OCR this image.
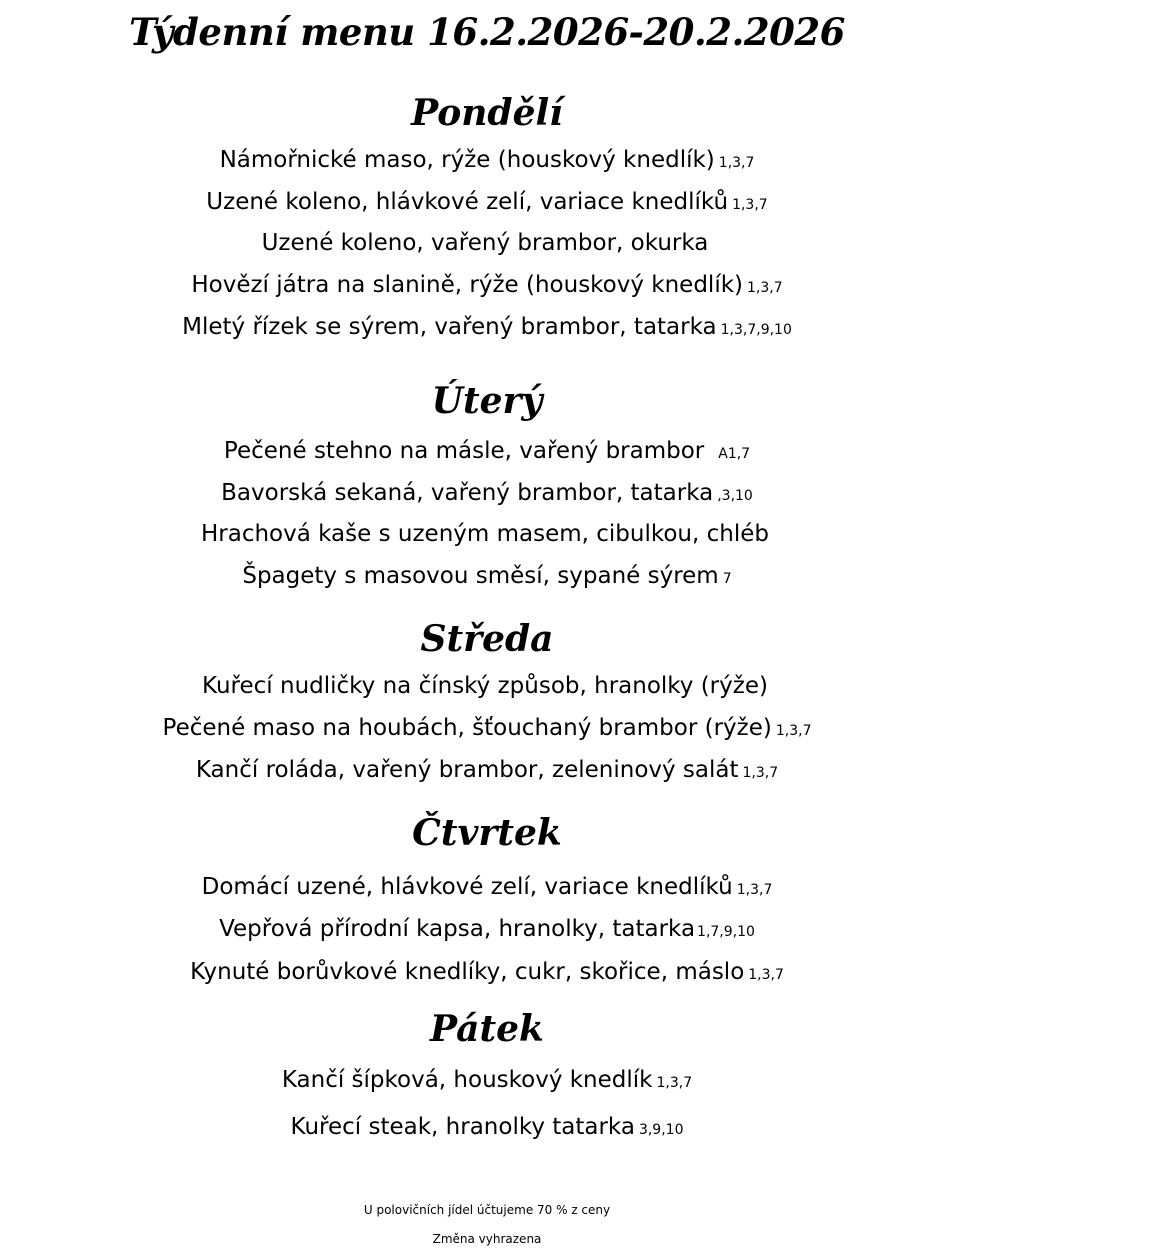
Týdenní menu 16.2.2026-20.2.2026
Pondělí
Námořnické maso, rýže (houskový knedlík) 1,3,7
Uzené koleno, hlávkové zelí, variace knedlíků 1,3,7
Uzené koleno, vařený brambor, okurka
Hovězí játra na slanině, rýže (houskový knedlík) 1,3,7
Mletý řízek se sýrem, vařený brambor, tatarka 1,3,7,9,10
Úterý
Pečené stehno na másle, vařený brambor A1,7
Bavorská sekaná, vařený brambor, tatarka ,3,10
Hrachová kaše s uzeným masem, cibulkou, chléb
Špagety s masovou směsí, sypané sýrem 7
Středa
Kuřecí nudličky na čínský způsob, hranolky (rýže)
Pečené maso na houbách, šťouchaný brambor (rýže) 1,3,7
Kančí roláda, vařený brambor, zeleninový salát 1,3,7
Čtvrtek
Domácí uzené, hlávkové zelí, variace knedlíků 1,3,7
Vepřová přírodní kapsa, hranolky, tatarka 1,7,9,10
Kynuté borůvkové knedlíky, cukr, skořice, máslo 1,3,7
Pátek
Kančí šípková, houskový knedlík 1,3,7
Kuřecí steak, hranolky tatarka 3,9,10
U polovičních jídel účtujeme 70 % z ceny
Změna vyhrazena
